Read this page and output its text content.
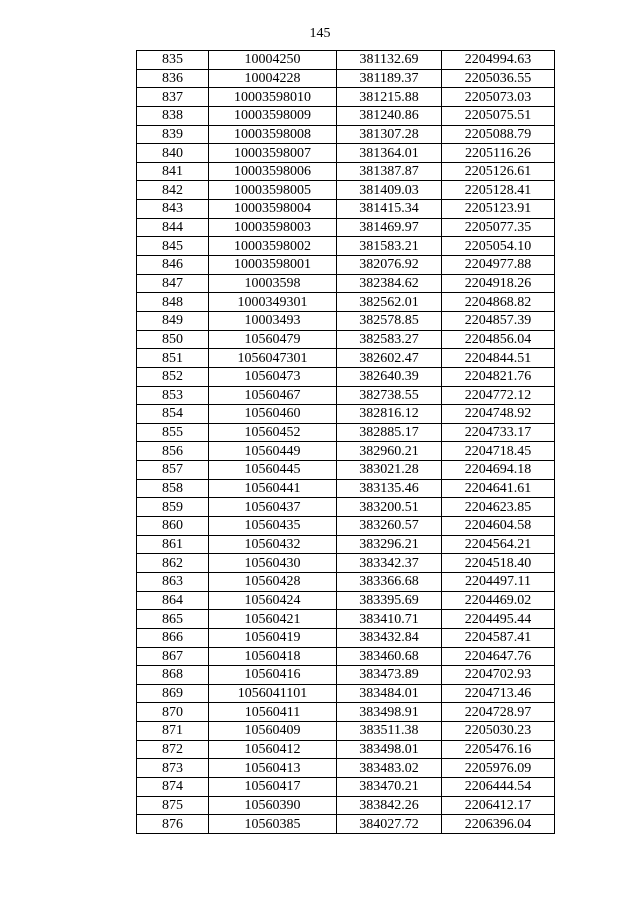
145
835	10004250	381132.69	2204994.63
836	10004228	381189.37	2205036.55
837	10003598010	381215.88	2205073.03
838	10003598009	381240.86	2205075.51
839	10003598008	381307.28	2205088.79
840	10003598007	381364.01	2205116.26
841	10003598006	381387.87	2205126.61
842	10003598005	381409.03	2205128.41
843	10003598004	381415.34	2205123.91
844	10003598003	381469.97	2205077.35
845	10003598002	381583.21	2205054.10
846	10003598001	382076.92	2204977.88
847	10003598	382384.62	2204918.26
848	1000349301	382562.01	2204868.82
849	10003493	382578.85	2204857.39
850	10560479	382583.27	2204856.04
851	1056047301	382602.47	2204844.51
852	10560473	382640.39	2204821.76
853	10560467	382738.55	2204772.12
854	10560460	382816.12	2204748.92
855	10560452	382885.17	2204733.17
856	10560449	382960.21	2204718.45
857	10560445	383021.28	2204694.18
858	10560441	383135.46	2204641.61
859	10560437	383200.51	2204623.85
860	10560435	383260.57	2204604.58
861	10560432	383296.21	2204564.21
862	10560430	383342.37	2204518.40
863	10560428	383366.68	2204497.11
864	10560424	383395.69	2204469.02
865	10560421	383410.71	2204495.44
866	10560419	383432.84	2204587.41
867	10560418	383460.68	2204647.76
868	10560416	383473.89	2204702.93
869	1056041101	383484.01	2204713.46
870	10560411	383498.91	2204728.97
871	10560409	383511.38	2205030.23
872	10560412	383498.01	2205476.16
873	10560413	383483.02	2205976.09
874	10560417	383470.21	2206444.54
875	10560390	383842.26	2206412.17
876	10560385	384027.72	2206396.04
